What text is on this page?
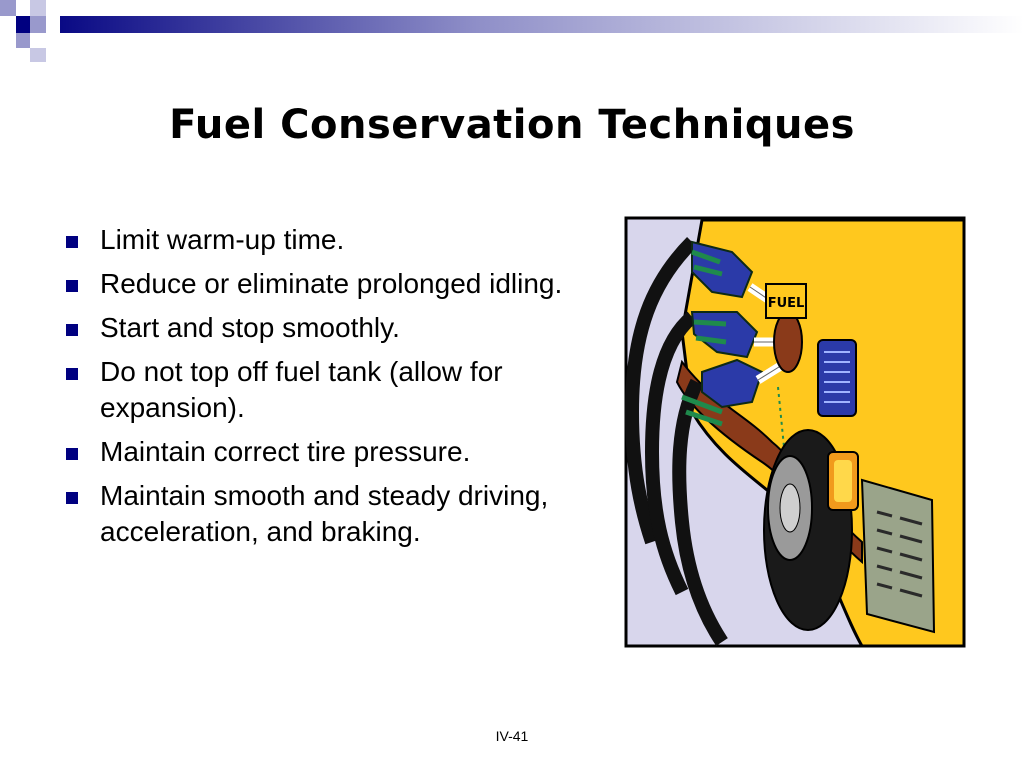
Fuel Conservation Techniques
Limit warm-up time.
Reduce or eliminate prolonged idling.
Start and stop smoothly.
Do not top off fuel tank (allow for expansion).
Maintain correct tire pressure.
Maintain smooth and steady driving, acceleration, and braking.
FUEL
IV-41
